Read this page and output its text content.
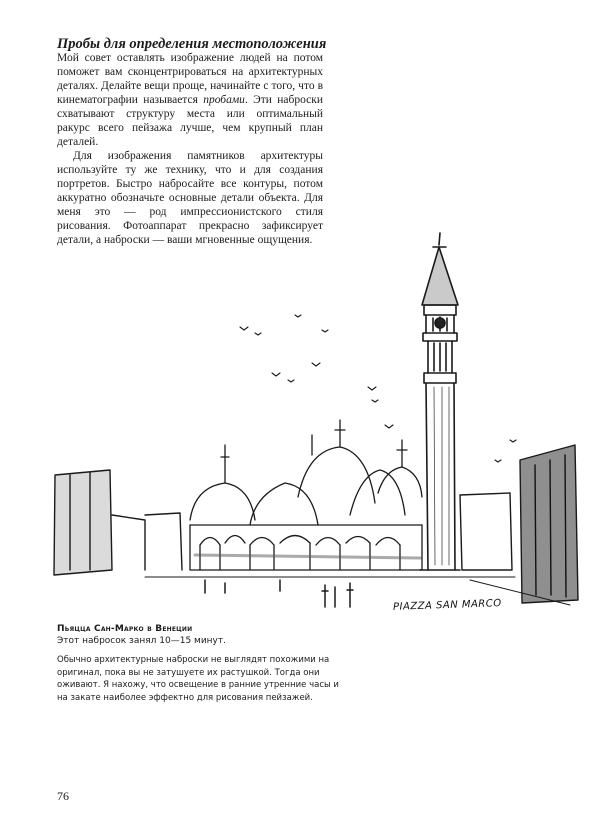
Пробы для определения местоположения

Мой совет оставлять изображение людей на потом поможет вам сконцентрироваться на архитектурных деталях. Делайте вещи проще, начинайте с того, что в кинематографии называется пробами. Эти наброски схватывают структуру места или оптимальный ракурс всего пейзажа лучше, чем крупный план деталей.

Для изображения памятников архитектуры используйте ту же технику, что и для создания портретов. Быстро набросайте все контуры, потом аккуратно обозначьте основные детали объекта. Для меня это — род импрессионистского стиля рисования. Фотоаппарат прекрасно зафиксирует детали, а наброски — ваши мгновенные ощущения.

PIAZZA SAN MARCO
Пьяцца Сан-Марко в Венеции
Этот набросок занял 10—15 минут.
Обычно архитектурные наброски не выглядят похожими на оригинал, пока вы не затушуете их растушкой. Тогда они оживают. Я нахожу, что освещение в ранние утренние часы и на закате наиболее эффектно для рисования пейзажей.
76
